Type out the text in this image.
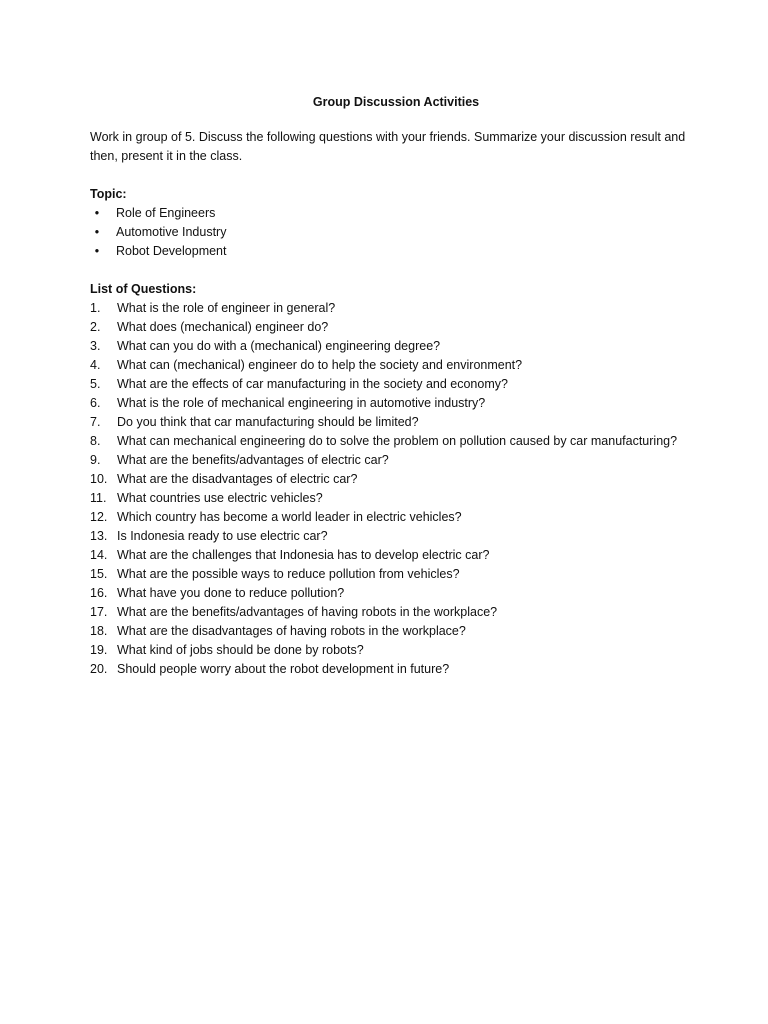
Group Discussion Activities

Work in group of 5. Discuss the following questions with your friends. Summarize your discussion result and then, present it in the class.

Topic:

•	Role of Engineers
•	Automotive Industry
•	Robot Development

List of Questions:

1.	What is the role of engineer in general?
2.	What does (mechanical) engineer do?
3.	What can you do with a (mechanical) engineering degree?
4.	What can (mechanical) engineer do to help the society and environment?
5.	What are the effects of car manufacturing in the society and economy?
6.	What is the role of mechanical engineering in automotive industry?
7.	Do you think that car manufacturing should be limited?
8.	What can mechanical engineering do to solve the problem on pollution caused by car manufacturing?
9.	What are the benefits/advantages of electric car?
10. What are the disadvantages of electric car?
11. What countries use electric vehicles?
12. Which country has become a world leader in electric vehicles?
13. Is Indonesia ready to use electric car?
14. What are the challenges that Indonesia has to develop electric car?
15. What are the possible ways to reduce pollution from vehicles?
16. What have you done to reduce pollution?
17. What are the benefits/advantages of having robots in the workplace?
18. What are the disadvantages of having robots in the workplace?
19. What kind of jobs should be done by robots?
20. Should people worry about the robot development in future?
